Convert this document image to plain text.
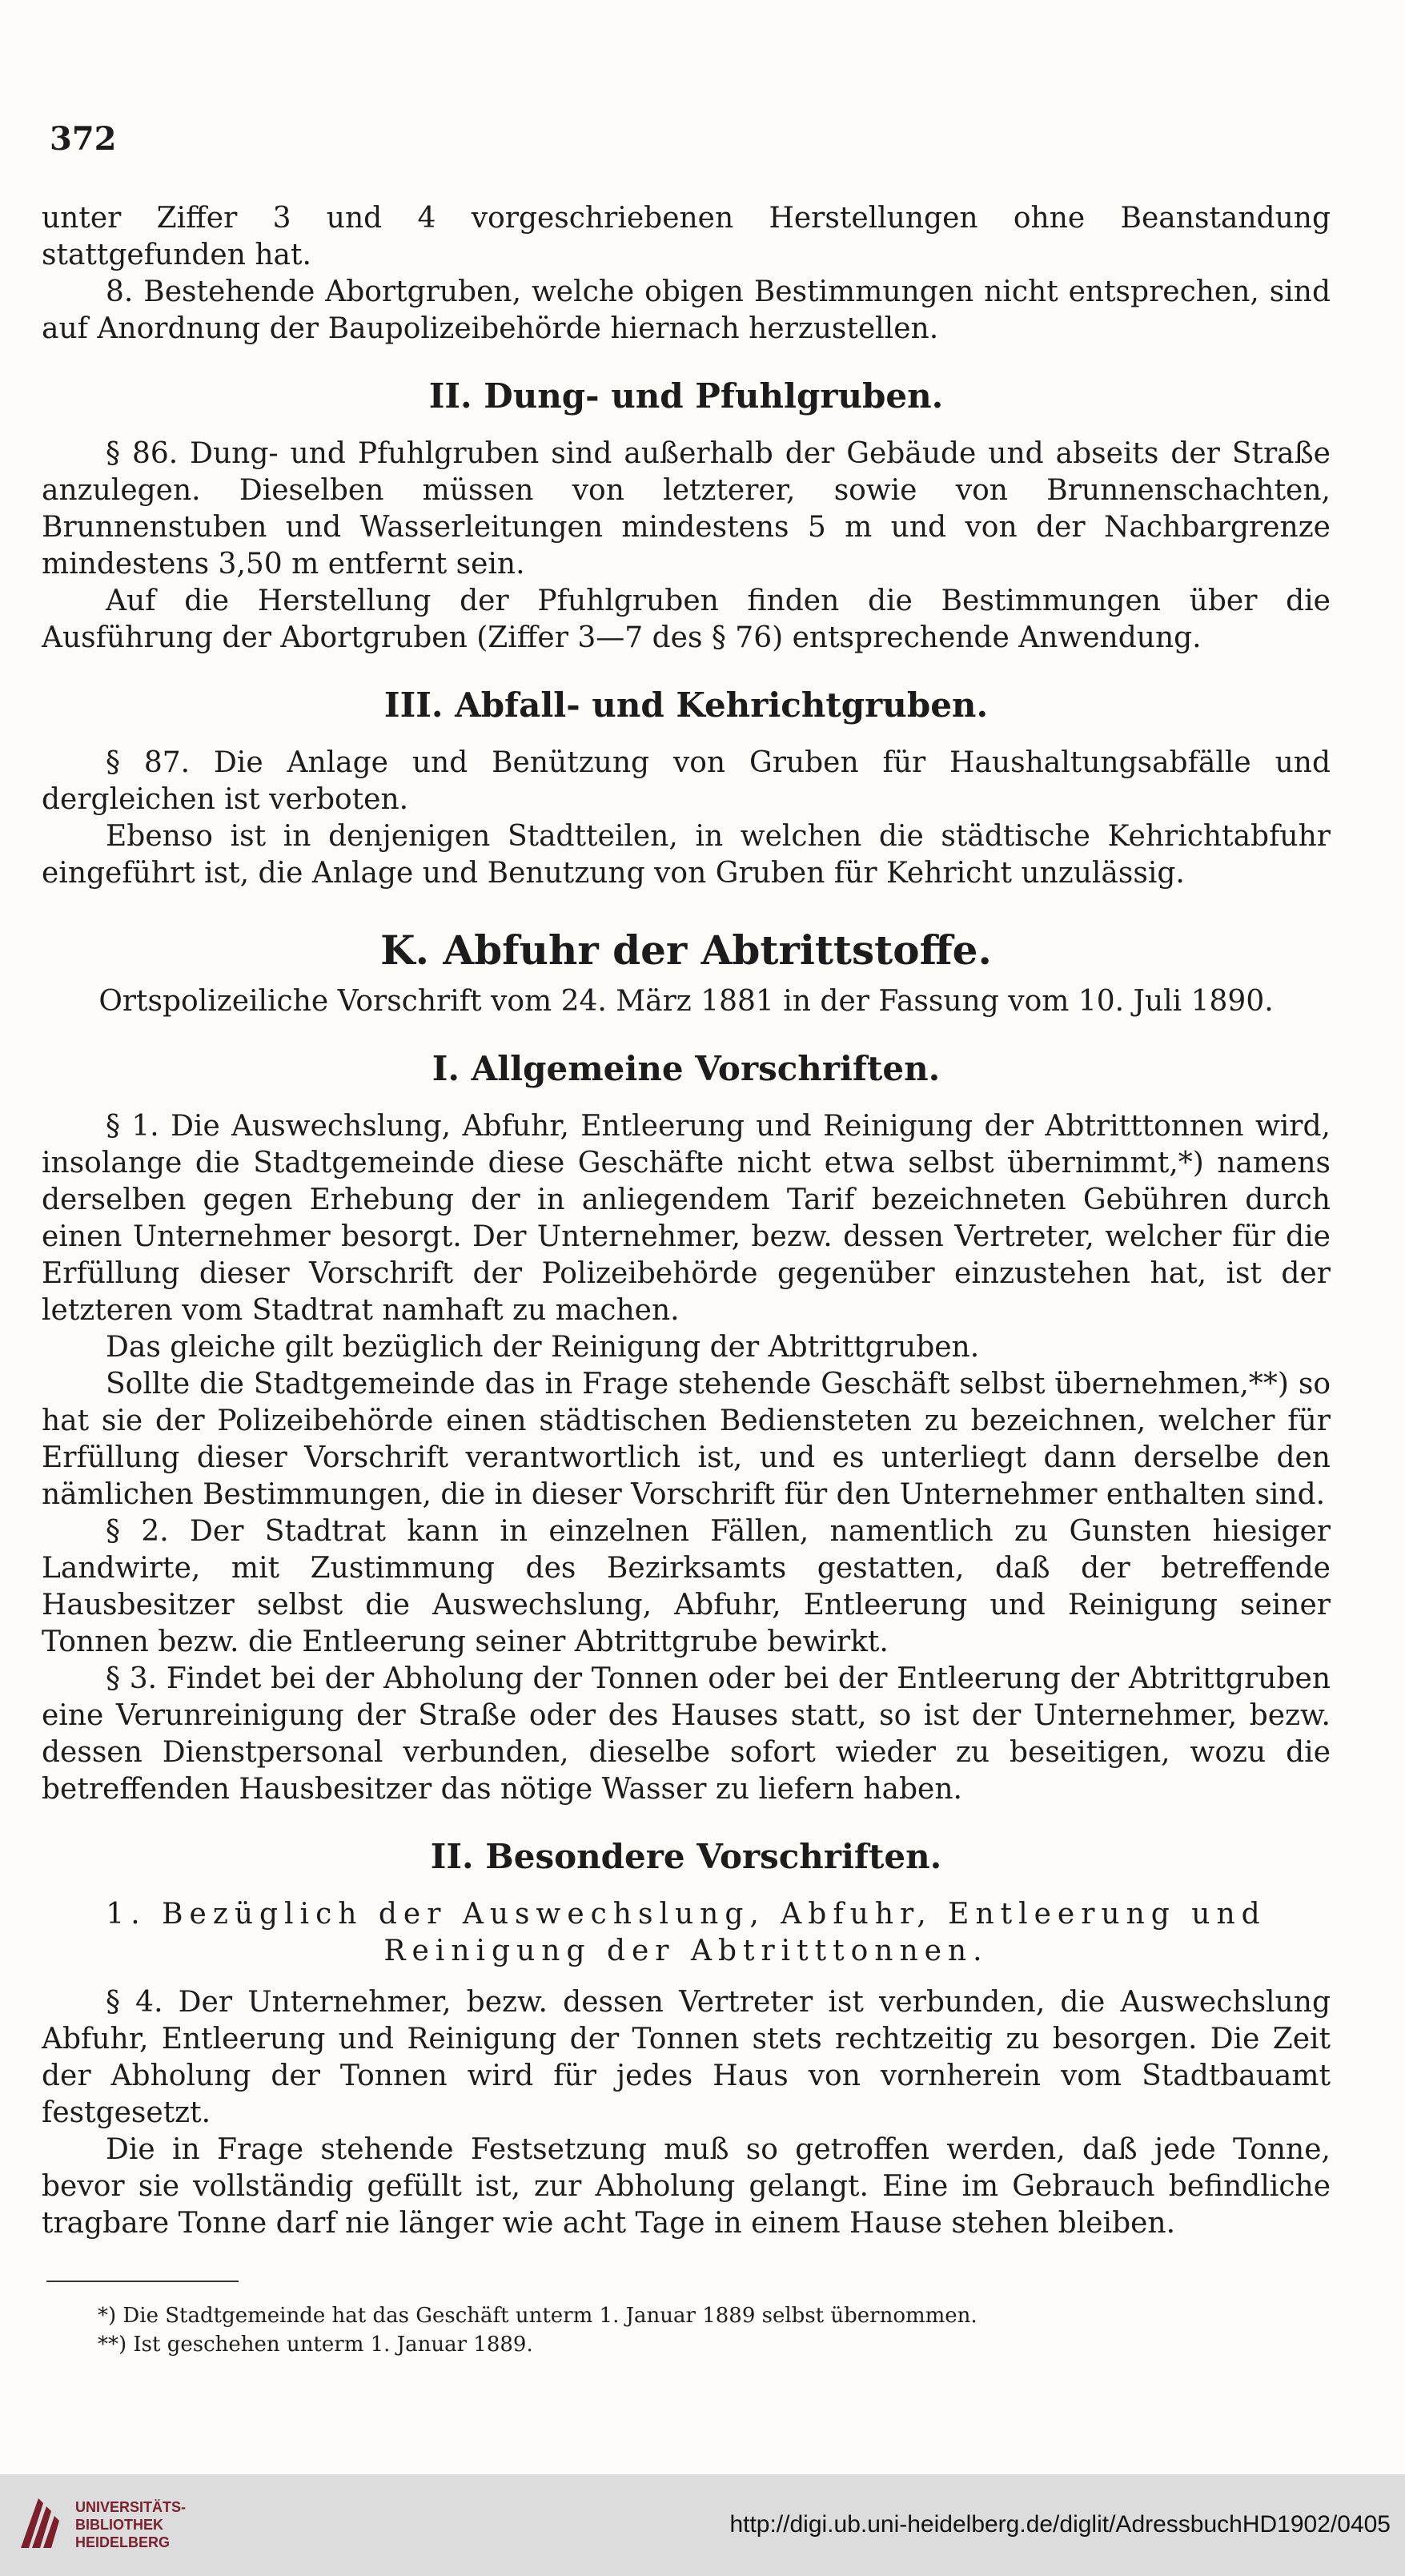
372

unter Ziffer 3 und 4 vorgeschriebenen Herstellungen ohne Beanstandung stattgefunden hat.

8. Bestehende Abortgruben, welche obigen Bestimmungen nicht entsprechen, sind auf Anordnung der Baupolizeibehörde hiernach herzustellen.

II. Dung- und Pfuhlgruben.

§ 86. Dung- und Pfuhlgruben sind außerhalb der Gebäude und abseits der Straße anzulegen. Dieselben müssen von letzterer, sowie von Brunnenschachten, Brunnenstuben und Wasserleitungen mindestens 5 m und von der Nachbargrenze mindestens 3,50 m entfernt sein.

Auf die Herstellung der Pfuhlgruben finden die Bestimmungen über die Ausführung der Abortgruben (Ziffer 3—7 des § 76) entsprechende Anwendung.

III. Abfall- und Kehrichtgruben.

§ 87. Die Anlage und Benützung von Gruben für Haushaltungsabfälle und dergleichen ist verboten.

Ebenso ist in denjenigen Stadtteilen, in welchen die städtische Kehrichtabfuhr eingeführt ist, die Anlage und Benutzung von Gruben für Kehricht unzulässig.

K. Abfuhr der Abtrittstoffe.

Ortspolizeiliche Vorschrift vom 24. März 1881 in der Fassung vom 10. Juli 1890.

I. Allgemeine Vorschriften.

§ 1. Die Auswechslung, Abfuhr, Entleerung und Reinigung der Abtritttonnen wird, insolange die Stadtgemeinde diese Geschäfte nicht etwa selbst übernimmt,*) namens derselben gegen Erhebung der in anliegendem Tarif bezeichneten Gebühren durch einen Unternehmer besorgt. Der Unternehmer, bezw. dessen Vertreter, welcher für die Erfüllung dieser Vorschrift der Polizeibehörde gegenüber einzustehen hat, ist der letzteren vom Stadtrat namhaft zu machen.

Das gleiche gilt bezüglich der Reinigung der Abtrittgruben.

Sollte die Stadtgemeinde das in Frage stehende Geschäft selbst übernehmen,**) so hat sie der Polizeibehörde einen städtischen Bediensteten zu bezeichnen, welcher für Erfüllung dieser Vorschrift verantwortlich ist, und es unterliegt dann derselbe den nämlichen Bestimmungen, die in dieser Vorschrift für den Unternehmer enthalten sind.

§ 2. Der Stadtrat kann in einzelnen Fällen, namentlich zu Gunsten hiesiger Landwirte, mit Zustimmung des Bezirksamts gestatten, daß der betreffende Hausbesitzer selbst die Auswechslung, Abfuhr, Entleerung und Reinigung seiner Tonnen bezw. die Entleerung seiner Abtrittgrube bewirkt.

§ 3. Findet bei der Abholung der Tonnen oder bei der Entleerung der Abtrittgruben eine Verunreinigung der Straße oder des Hauses statt, so ist der Unternehmer, bezw. dessen Dienstpersonal verbunden, dieselbe sofort wieder zu beseitigen, wozu die betreffenden Hausbesitzer das nötige Wasser zu liefern haben.

II. Besondere Vorschriften.

1. Bezüglich der Auswechslung, Abfuhr, Entleerung und

Reinigung der Abtritttonnen.

§ 4. Der Unternehmer, bezw. dessen Vertreter ist verbunden, die Auswechslung Abfuhr, Entleerung und Reinigung der Tonnen stets rechtzeitig zu besorgen. Die Zeit der Abholung der Tonnen wird für jedes Haus von vornherein vom Stadtbauamt festgesetzt.

Die in Frage stehende Festsetzung muß so getroffen werden, daß jede Tonne, bevor sie vollständig gefüllt ist, zur Abholung gelangt. Eine im Gebrauch befindliche tragbare Tonne darf nie länger wie acht Tage in einem Hause stehen bleiben.

*) Die Stadtgemeinde hat das Geschäft unterm 1. Januar 1889 selbst übernommen.
**) Ist geschehen unterm 1. Januar 1889.
UNIVERSITÄTS-
BIBLIOTHEK
HEIDELBERG
http://digi.ub.uni-heidelberg.de/diglit/AdressbuchHD1902/0405
